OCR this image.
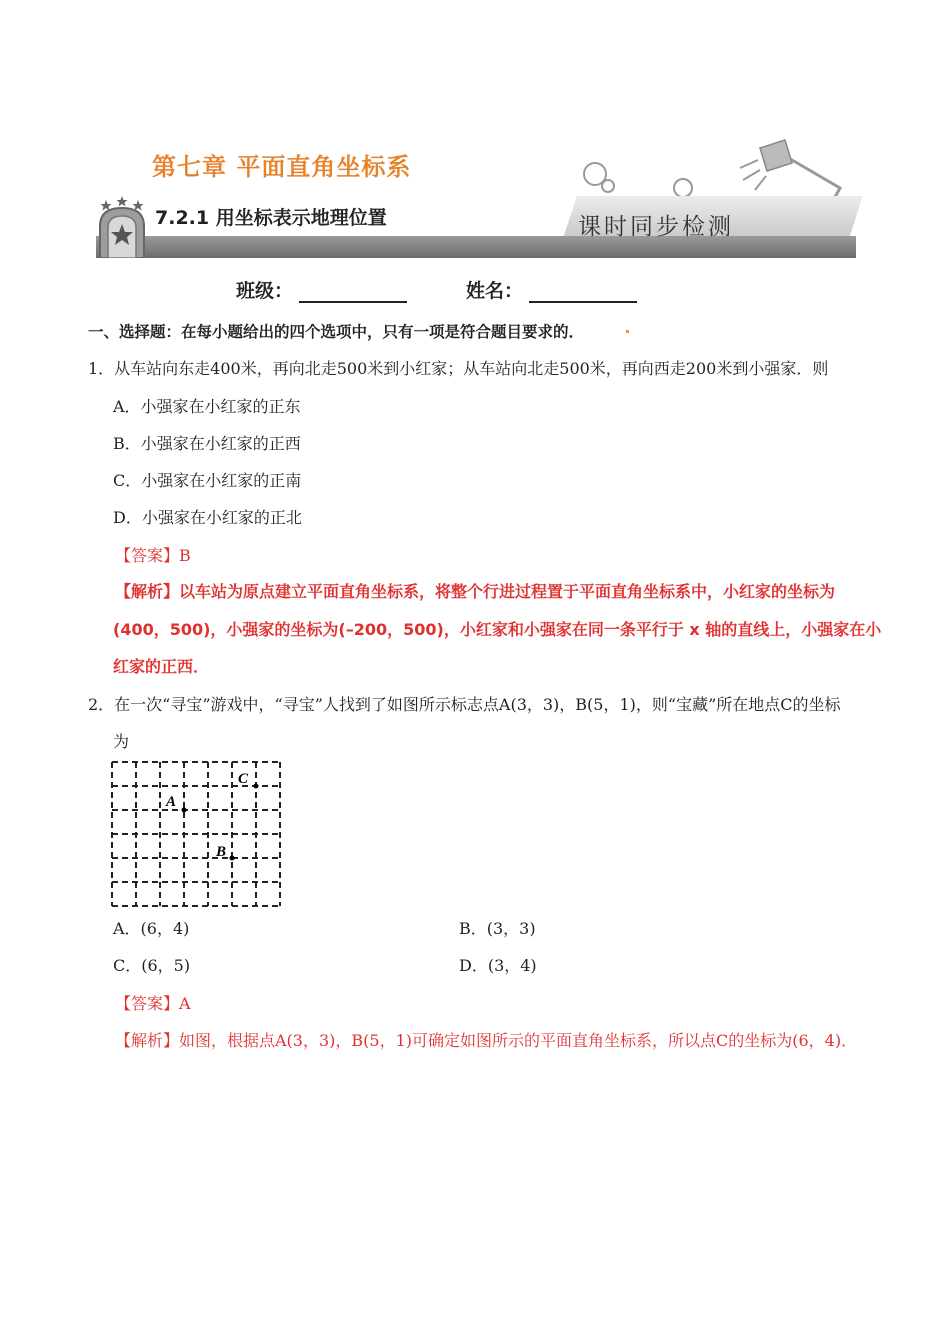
第七章 平面直角坐标系
7.2.1 用坐标表示地理位置	课时同步检测
班级：	姓名：
一、选择题：在每小题给出的四个选项中，只有一项是符合题目要求的．
1．从车站向东走400米，再向北走500米到小红家；从车站向北走500米，再向西走200米到小强家．则
A．小强家在小红家的正东
B．小强家在小红家的正西
C．小强家在小红家的正南
D．小强家在小红家的正北
【答案】B
【解析】以车站为原点建立平面直角坐标系，将整个行进过程置于平面直角坐标系中，小红家的坐标为
(400，500)，小强家的坐标为(–200，500)，小红家和小强家在同一条平行于 x 轴的直线上，小强家在小
红家的正西．
2．在一次“寻宝”游戏中，“寻宝”人找到了如图所示标志点A(3，3)，B(5，1)，则“宝藏”所在地点C的坐标
为
A
B
C
A．(6，4)	B．(3，3)
C．(6，5)	D．(3，4)
【答案】A
【解析】如图，根据点A(3，3)，B(5，1)可确定如图所示的平面直角坐标系，所以点C的坐标为(6，4)．
